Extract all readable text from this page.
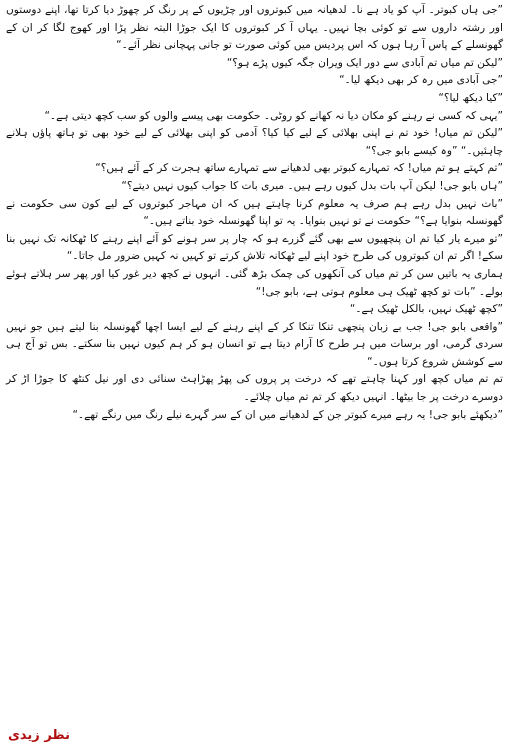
”جی ہاں کبوتر۔ آپ کو یاد ہے نا۔ لدھیانہ میں کبوتروں اور چڑیوں کے پر رنگ کر چھوڑ دیا کرتا تھا، اپنے دوستوں اور رشتہ داروں سے تو کوئی بچا نہیں۔ یہاں آ کر کبوتروں کا ایک جوڑا البتہ نظر پڑا اور کھوج لگا کر ان کے گھونسلے کے پاس آ رہا ہوں کہ اس پردیس میں کوئی صورت تو جانی پہچانی نظر آئے۔“

”لیکن تم میاں تم آبادی سے دور ایک ویران جگہ کیوں پڑے ہو؟“

”جی آبادی میں رہ کر بھی دیکھ لیا۔“

”کیا دیکھ لیا؟“

”یہی کہ کسی نے رہنے کو مکان دیا نہ کھانے کو روٹی۔ حکومت بھی پیسے والوں کو سب کچھ دیتی ہے۔“

”لیکن تم میاں! خود تم نے اپنی بھلائی کے لیے کیا کیا؟ آدمی کو اپنی بھلائی کے لیے خود بھی تو ہاتھ پاؤں ہلانے چاہئیں۔“ ”وہ کیسے بابو جی؟“

”تم کہتے ہو تم میاں! کہ تمہارے کبوتر بھی لدھیانے سے تمہارے ساتھ ہجرت کر کے آئے ہیں؟“

”ہاں بابو جی! لیکن آپ بات بدل کیوں رہے ہیں۔ میری بات کا جواب کیوں نہیں دیتے؟“

”بات نہیں بدل رہے ہم صرف یہ معلوم کرنا چاہتے ہیں کہ ان مہاجر کبوتروں کے لیے کون سی حکومت نے گھونسلہ بنوایا ہے؟“ حکومت نے تو نہیں بنوایا۔ یہ تو اپنا گھونسلہ خود بناتے ہیں۔“

”تو میرے یار کیا تم ان پنچھیوں سے بھی گئے گزرے ہو کہ چار پر سر ہونے کو آئے اپنے رہنے کا ٹھکانہ تک نہیں بنا سکے! اگر تم ان کبوتروں کی طرح خود اپنے لیے ٹھکانہ تلاش کرتے تو کہیں نہ کہیں ضرور مل جاتا۔“

ہماری یہ باتیں سن کر تم میاں کی آنکھوں کی چمک بڑھ گئی۔ انہوں نے کچھ دیر غور کیا اور پھر سر ہلاتے ہوئے بولے۔ ”بات تو کچھ ٹھیک ہی معلوم ہوتی ہے، بابو جی!“

”کچھ ٹھیک نہیں، بالکل ٹھیک ہے۔“

”واقعی بابو جی! جب بے زبان پنچھی تنکا تنکا کر کے اپنے رہنے کے لیے ایسا اچھا گھونسلہ بنا لیتے ہیں جو نہیں سردی گرمی، اور برسات میں ہر طرح کا آرام دیتا ہے تو انسان ہو کر ہم کیوں نہیں بنا سکتے۔ بس تو آج ہی سے کوشش شروع کرتا ہوں۔“

تم تم میاں کچھ اور کہنا چاہتے تھے کہ درخت پر پروں کی پھڑ پھڑاہٹ سنائی دی اور نیل کنٹھ کا جوڑا اڑ کر دوسرے درخت پر جا بیٹھا۔ انہیں دیکھ کر تم تم میاں چلائے۔

”دیکھئے بابو جی! یہ رہے میرے کبوتر جن کے لدھیانے میں ان کے سر گہرے نیلے رنگ میں رنگے تھے۔“

نظر زیدی
